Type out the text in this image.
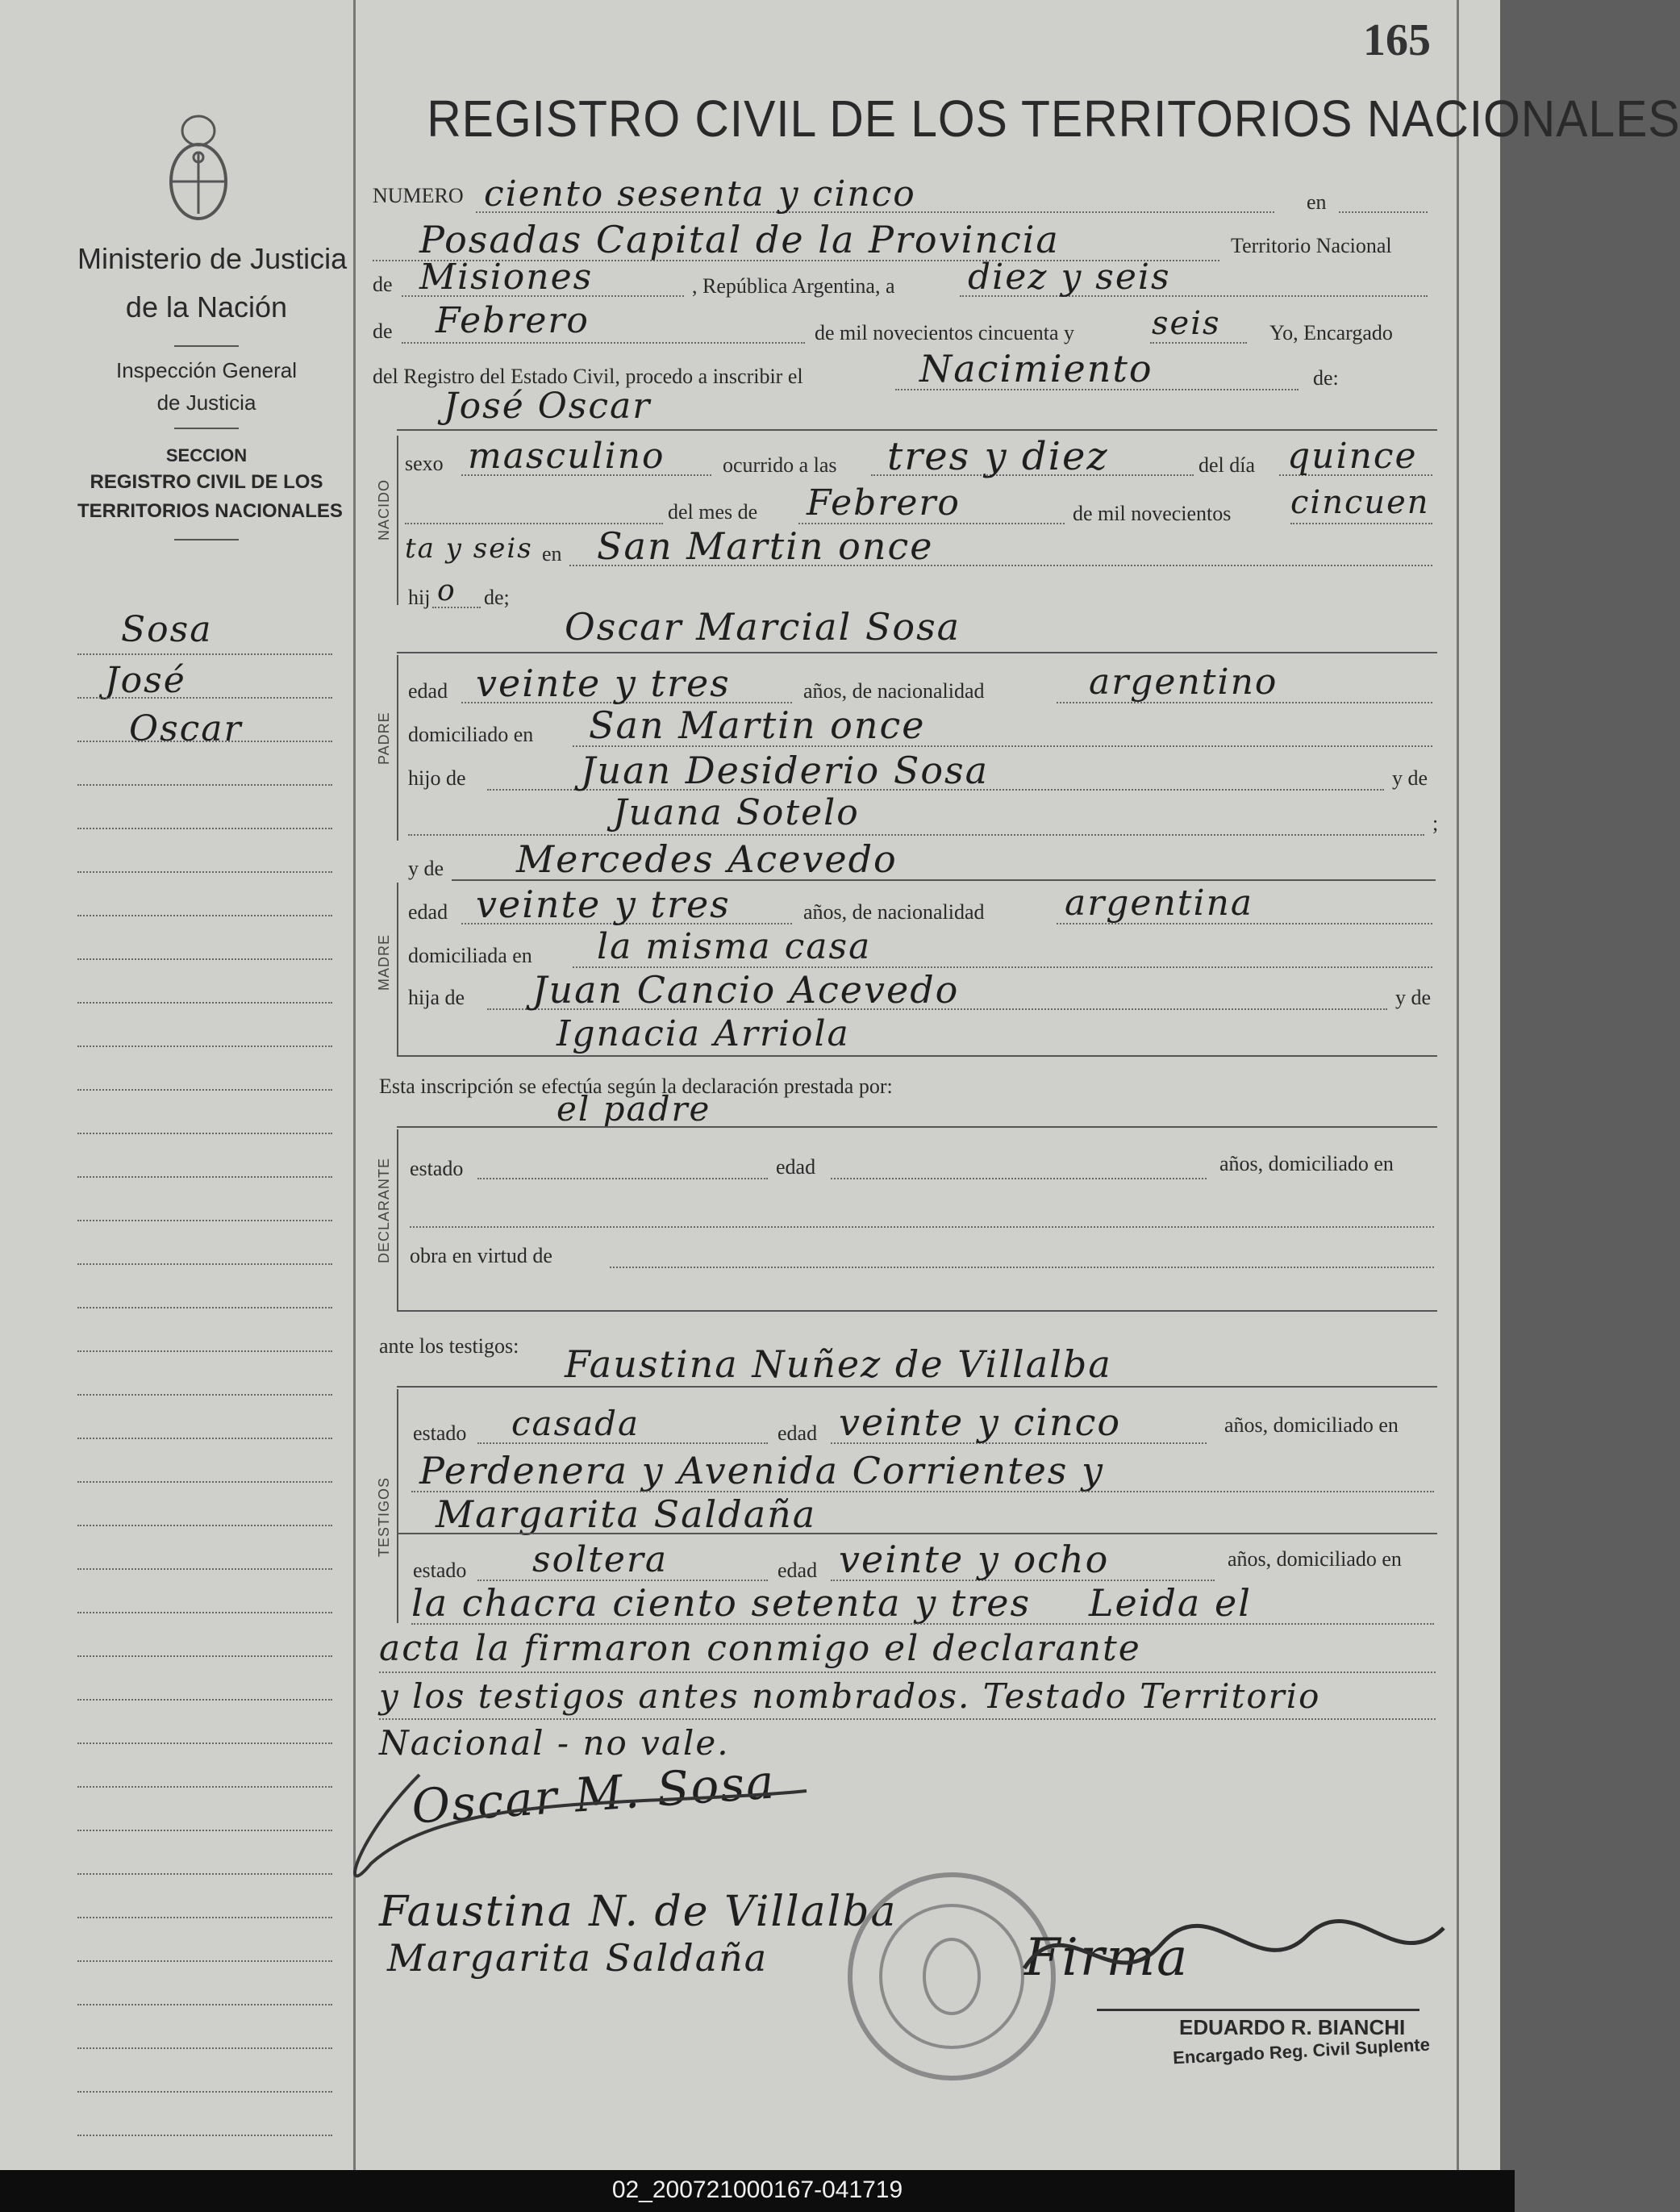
165
Ministerio de Justicia
de la Nación
Inspección General
de Justicia
SECCION
REGISTRO CIVIL DE LOS
TERRITORIOS NACIONALES
Sosa
José
Oscar
REGISTRO CIVIL DE LOS TERRITORIOS NACIONALES
NUMERO ciento sesenta y cinco	en
Posadas Capital de la Provincia	Territorio Nacional
de Misiones	, República Argentina, a diez y seis
de Febrero	de mil novecientos cincuenta y seis Yo, Encargado
del Registro del Estado Civil, procedo a inscribir el	Nacimiento	de:
José Oscar
NACIDO
sexo masculino	ocurrido a las tres y diez	del día quince
del mes de Febrero	de mil novecientos cincuen
ta y seis en San Martin once
hij o de;
Oscar Marcial Sosa
PADRE
edad veinte y tres	años, de nacionalidad	argentino
domiciliado en San Martin once
hijo de	Juan Desiderio Sosa	y de
Juana Sotelo	;
y de Mercedes Acevedo
MADRE
edad veinte y tres	años, de nacionalidad argentina
domiciliada en la misma casa
hija de Juan Cancio Acevedo	y de
Ignacia Arriola
Esta inscripción se efectúa según la declaración prestada por:
el padre
DECLARANTE estado	edad	años, domiciliado en
obra en virtud de
ante los testigos: Faustina Nuñez de Villalba
TESTIGOS
estado casada	edad veinte y cinco	años, domiciliado en
Perdenera y Avenida Corrientes y
Margarita Saldaña
estado soltera	edad veinte y ocho	años, domiciliado en
la chacra ciento setenta y tres Leida el
acta la firmaron conmigo el declarante
y los testigos antes nombrados. Testado Territorio
Nacional - no vale.
Oscar M. Sosa
Faustina N. de Villalba
Margarita Saldaña	Firma
EDUARDO R. BIANCHI
Encargado Reg. Civil Suplente
02_200721000167-041719
